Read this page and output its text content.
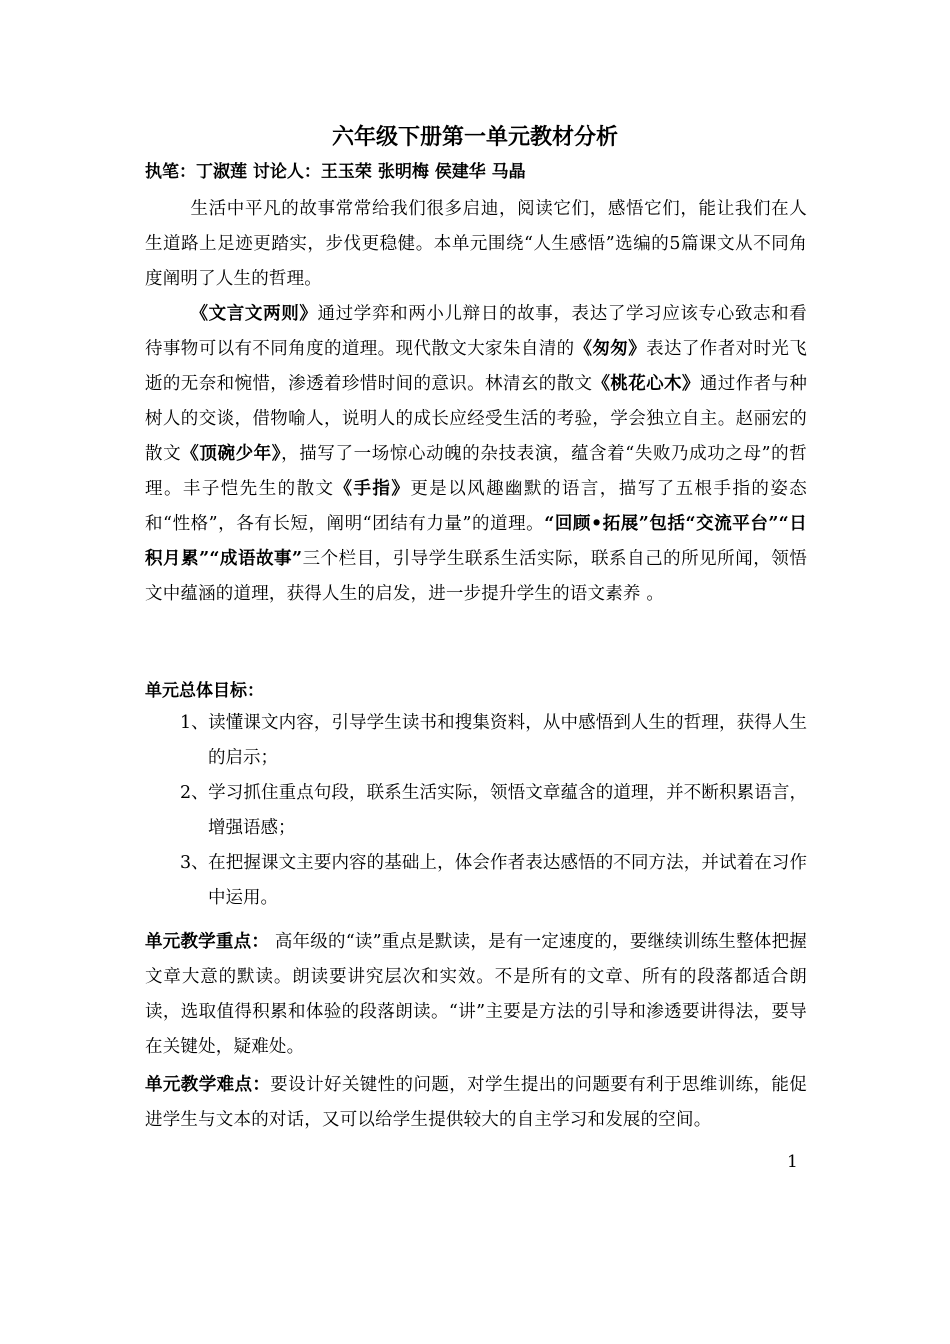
六年级下册第一单元教材分析
执笔：丁淑莲 讨论人：王玉荣 张明梅 侯建华 马晶

生活中平凡的故事常常给我们很多启迪，阅读它们，感悟它们，能让我们在人生道路上足迹更踏实，步伐更稳健。本单元围绕“人生感悟”选编的5篇课文从不同角度阐明了人生的哲理。

《文言文两则》通过学弈和两小儿辩日的故事，表达了学习应该专心致志和看待事物可以有不同角度的道理。现代散文大家朱自清的《匆匆》表达了作者对时光飞逝的无奈和惋惜，渗透着珍惜时间的意识。林清玄的散文《桃花心木》通过作者与种树人的交谈，借物喻人，说明人的成长应经受生活的考验，学会独立自主。赵丽宏的散文《顶碗少年》，描写了一场惊心动魄的杂技表演，蕴含着“失败乃成功之母”的哲理。丰子恺先生的散文《手指》更是以风趣幽默的语言，描写了五根手指的姿态和“性格”，各有长短，阐明“团结有力量”的道理。“回顾•拓展”包括“交流平台”“日积月累”“成语故事”三个栏目，引导学生联系生活实际，联系自己的所见所闻，领悟文中蕴涵的道理，获得人生的启发，进一步提升学生的语文素养 。

单元总体目标：

1、读懂课文内容，引导学生读书和搜集资料，从中感悟到人生的哲理，获得人生的启示；

2、学习抓住重点句段，联系生活实际，领悟文章蕴含的道理，并不断积累语言，增强语感；

3、在把握课文主要内容的基础上，体会作者表达感悟的不同方法，并试着在习作中运用。

单元教学重点： 高年级的“读”重点是默读，是有一定速度的，要继续训练生整体把握文章大意的默读。朗读要讲究层次和实效。不是所有的文章、所有的段落都适合朗读，选取值得积累和体验的段落朗读。“讲”主要是方法的引导和渗透要讲得法，要导在关键处，疑难处。

单元教学难点：要设计好关键性的问题，对学生提出的问题要有利于思维训练，能促进学生与文本的对话，又可以给学生提供较大的自主学习和发展的空间。

1
